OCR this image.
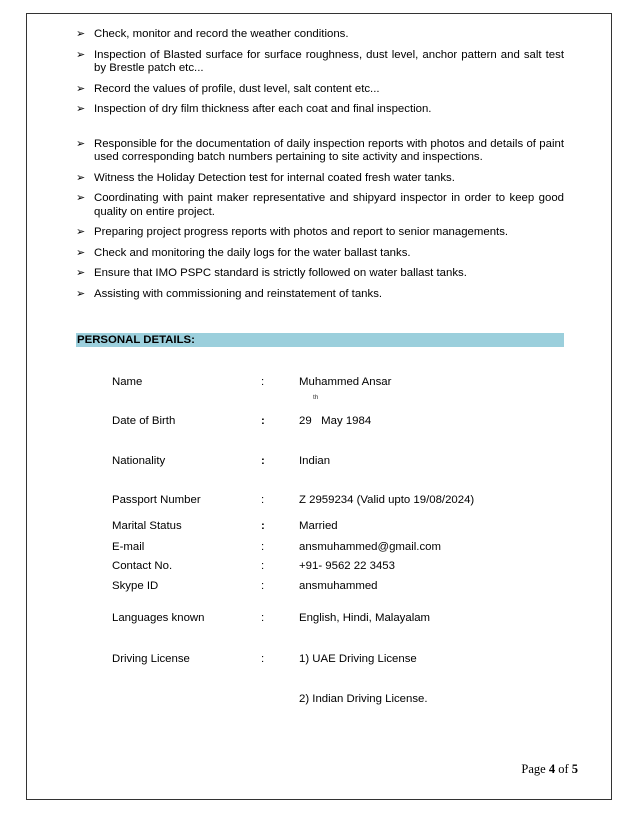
➢ Check, monitor and record the weather conditions.
➢ Inspection of Blasted surface for surface roughness, dust level, anchor pattern and salt test by Brestle patch etc...
➢ Record the values of profile, dust level, salt content etc...
➢ Inspection of dry film thickness after each coat and final inspection.
➢ Responsible for the documentation of daily inspection reports with photos and details of paint used corresponding batch numbers pertaining to site activity and inspections.
➢ Witness the Holiday Detection test for internal coated fresh water tanks.
➢ Coordinating with paint maker representative and shipyard inspector in order to keep good quality on entire project.
➢ Preparing project progress reports with photos and report to senior managements.
➢ Check and monitoring the daily logs for the water ballast tanks.
➢ Ensure that IMO PSPC standard is strictly followed on water ballast tanks.
➢ Assisting with commissioning and reinstatement of tanks.
PERSONAL DETAILS:
Name	:	Muhammed Ansar
th
Date of Birth	:	29   May 1984
Nationality	:	Indian
Passport Number	:	Z 2959234 (Valid upto 19/08/2024)
Marital Status	:	Married
E-mail	:	ansmuhammed@gmail.com
Contact No.	:	+91- 9562 22 3453
Skype ID	:	ansmuhammed
Languages known	:	English, Hindi, Malayalam
Driving License	:	1) UAE Driving License
2) Indian Driving License.
Page 4 of 5
